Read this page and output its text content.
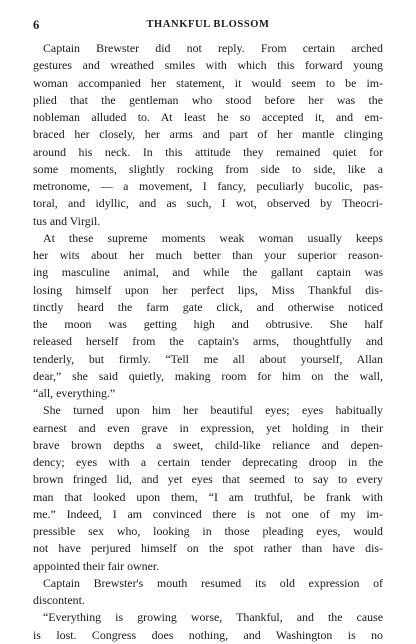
6	THANKFUL BLOSSOM
Captain Brewster did not reply. From certain arched
gestures and wreathed smiles with which this forward young
woman accompanied her statement, it would seem to be im-
plied that the gentleman who stood before her was the
nobleman alluded to. At least he so accepted it, and em-
braced her closely, her arms and part of her mantle clinging
around his neck. In this attitude they remained quiet for
some moments, slightly rocking from side to side, like a
metronome, — a movement, I fancy, peculiarly bucolic, pas-
toral, and idyllic, and as such, I wot, observed by Theocri-
tus and Virgil.
At these supreme moments weak woman usually keeps
her wits about her much better than your superior reason-
ing masculine animal, and while the gallant captain was
losing himself upon her perfect lips, Miss Thankful dis-
tinctly heard the farm gate click, and otherwise noticed
the moon was getting high and obtrusive. She half
released herself from the captain's arms, thoughtfully and
tenderly, but firmly. “Tell me all about yourself, Allan
dear,” she said quietly, making room for him on the wall,
“all, everything.”
She turned upon him her beautiful eyes; eyes habitually
earnest and even grave in expression, yet holding in their
brave brown depths a sweet, child-like reliance and depen-
dency; eyes with a certain tender deprecating droop in the
brown fringed lid, and yet eyes that seemed to say to every
man that looked upon them, “I am truthful, be frank with
me.” Indeed, I am convinced there is not one of my im-
pressible sex who, looking in those pleading eyes, would
not have perjured himself on the spot rather than have dis-
appointed their fair owner.
Captain Brewster's mouth resumed its old expression of
discontent.
“Everything is growing worse, Thankful, and the cause
is lost. Congress does nothing, and Washington is no
